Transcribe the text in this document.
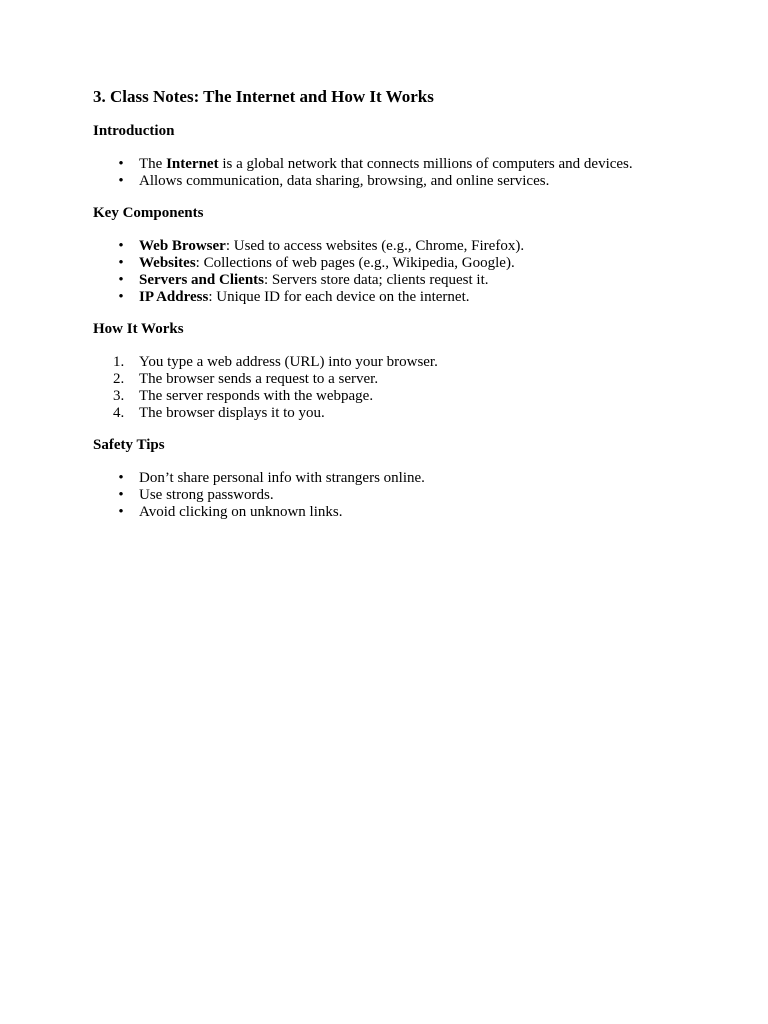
3. Class Notes: The Internet and How It Works
Introduction
• The Internet is a global network that connects millions of computers and devices.
• Allows communication, data sharing, browsing, and online services.
Key Components
• Web Browser: Used to access websites (e.g., Chrome, Firefox).
• Websites: Collections of web pages (e.g., Wikipedia, Google).
• Servers and Clients: Servers store data; clients request it.
• IP Address: Unique ID for each device on the internet.
How It Works
1. You type a web address (URL) into your browser.
2. The browser sends a request to a server.
3. The server responds with the webpage.
4. The browser displays it to you.
Safety Tips
• Don’t share personal info with strangers online.
• Use strong passwords.
• Avoid clicking on unknown links.
